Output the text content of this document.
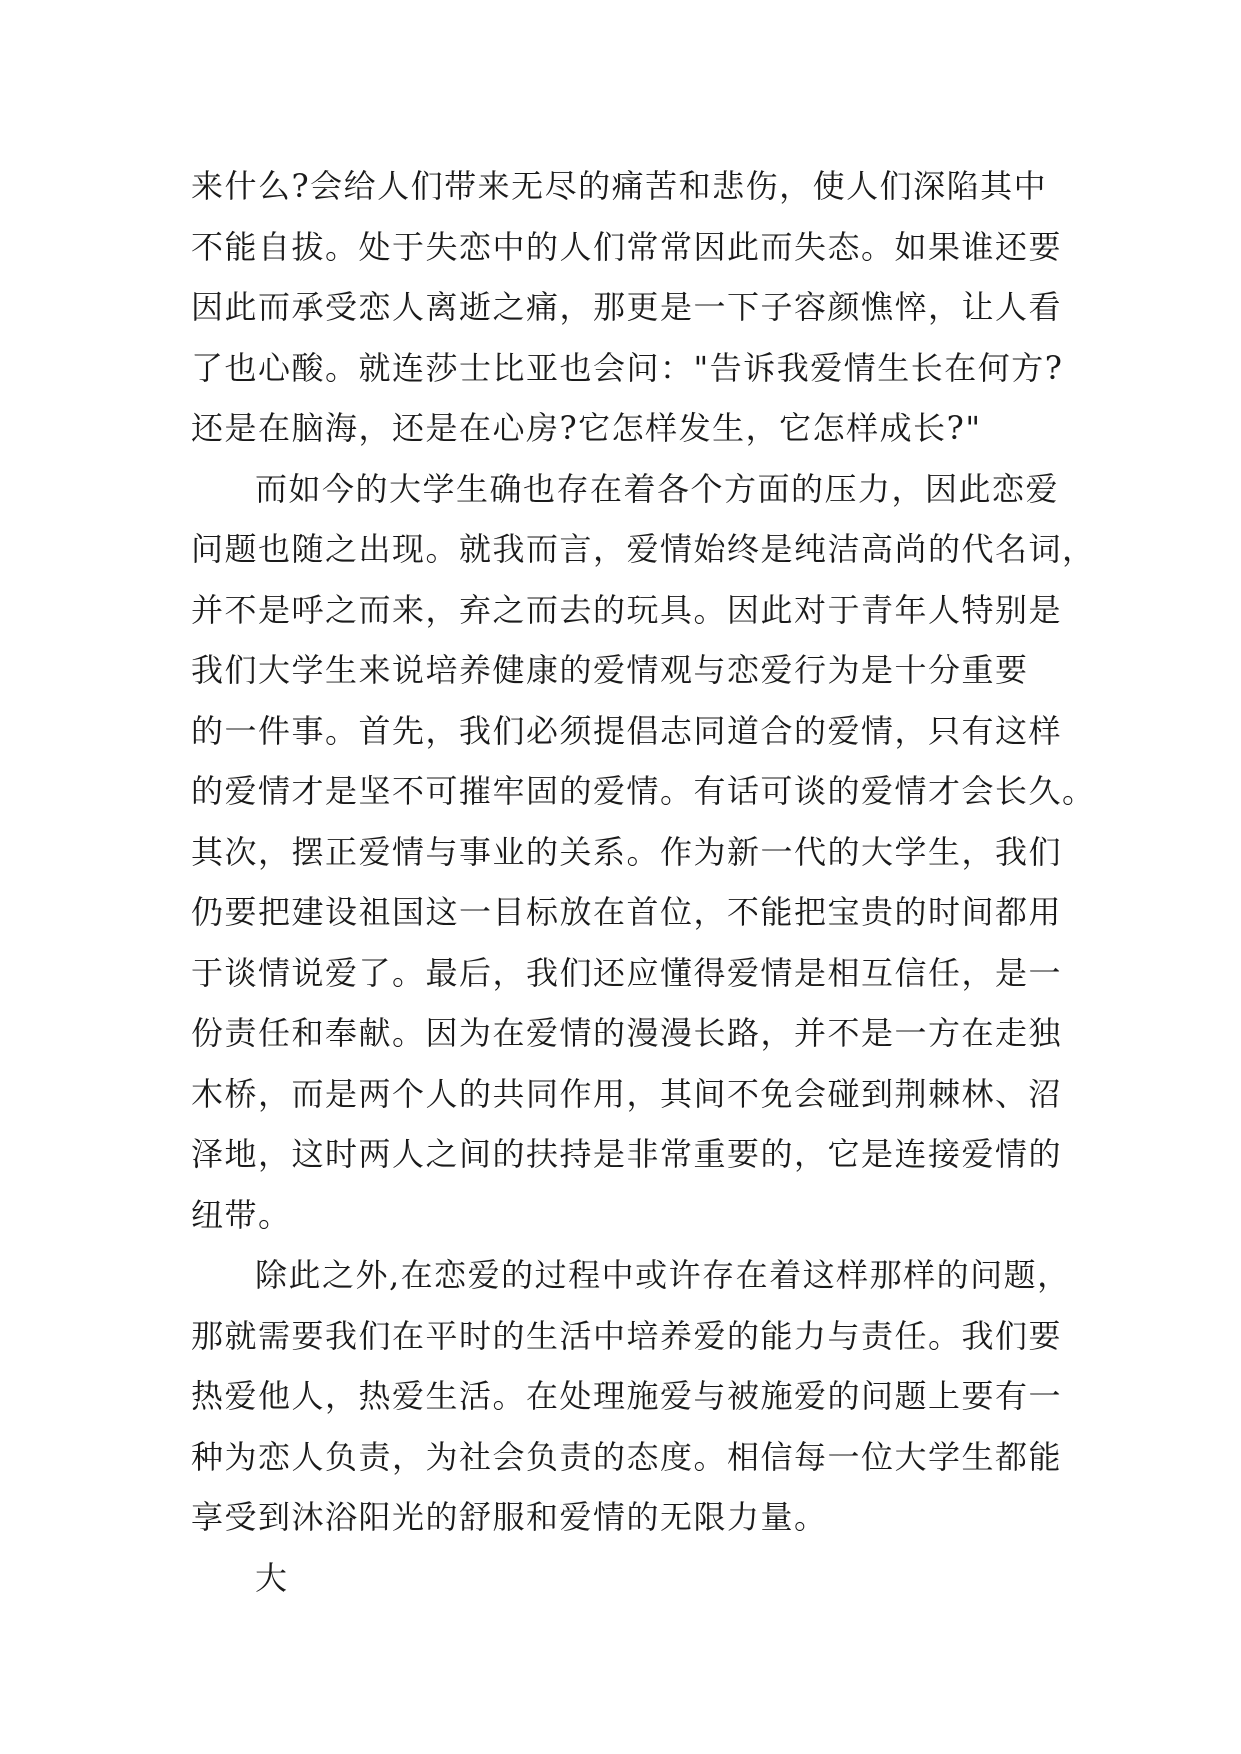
来什么?会给人们带来无尽的痛苦和悲伤，使人们深陷其中
不能自拔。处于失恋中的人们常常因此而失态。如果谁还要
因此而承受恋人离逝之痛，那更是一下子容颜憔悴，让人看
了也心酸。就连莎士比亚也会问："告诉我爱情生长在何方?
还是在脑海，还是在心房?它怎样发生，它怎样成长?"
而如今的大学生确也存在着各个方面的压力，因此恋爱
问题也随之出现。就我而言，爱情始终是纯洁高尚的代名词，
并不是呼之而来，弃之而去的玩具。因此对于青年人特别是
我们大学生来说培养健康的爱情观与恋爱行为是十分重要
的一件事。首先，我们必须提倡志同道合的爱情，只有这样
的爱情才是坚不可摧牢固的爱情。有话可谈的爱情才会长久。
其次，摆正爱情与事业的关系。作为新一代的大学生，我们
仍要把建设祖国这一目标放在首位，不能把宝贵的时间都用
于谈情说爱了。最后，我们还应懂得爱情是相互信任，是一
份责任和奉献。因为在爱情的漫漫长路，并不是一方在走独
木桥，而是两个人的共同作用，其间不免会碰到荆棘林、沼
泽地，这时两人之间的扶持是非常重要的，它是连接爱情的
纽带。
除此之外,在恋爱的过程中或许存在着这样那样的问题，
那就需要我们在平时的生活中培养爱的能力与责任。我们要
热爱他人，热爱生活。在处理施爱与被施爱的问题上要有一
种为恋人负责，为社会负责的态度。相信每一位大学生都能
享受到沐浴阳光的舒服和爱情的无限力量。
大
